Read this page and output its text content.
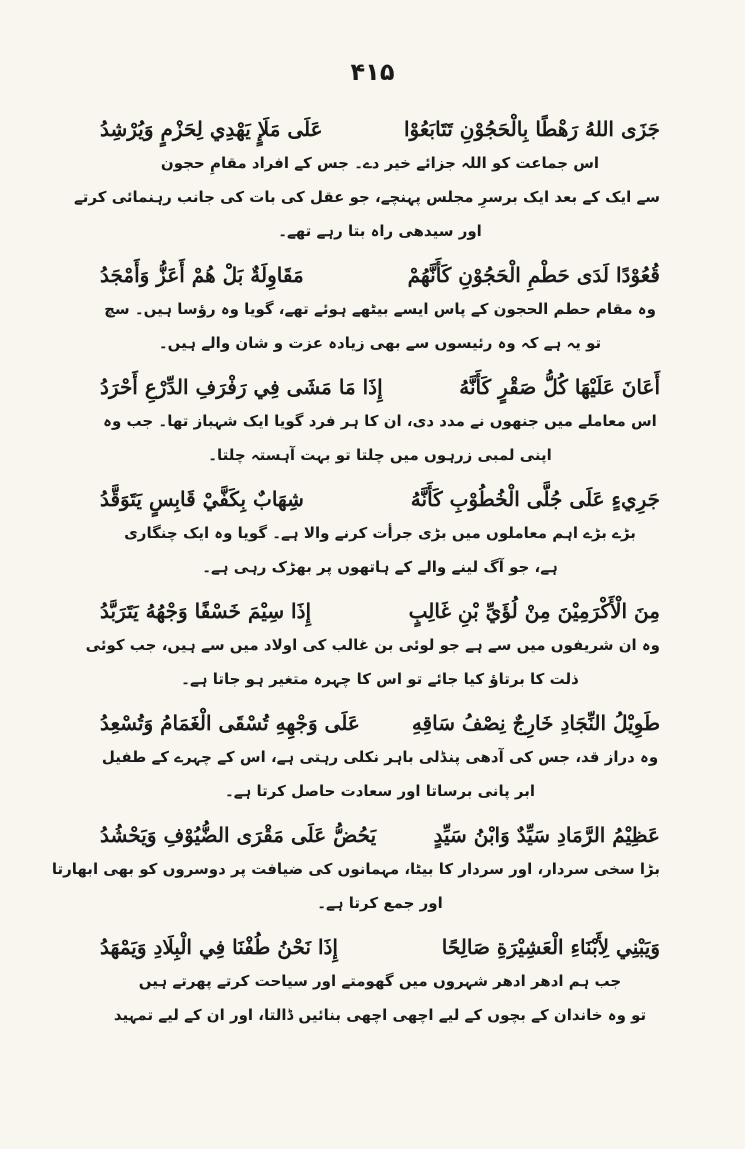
۴۱۵
جَزَى اللهُ رَهْطًا بِالْحَجُوْنِ تَتَابَعُوْا
عَلَى مَلَإٍ يَهْدِي لِحَزْمٍ وَيُرْشِدُ
اس جماعت کو اللہ جزائے خیر دے۔ جس کے افراد مقامِ حجون
سے ایک کے بعد ایک برسرِ مجلس پہنچے، جو عقل کی بات کی جانب رہنمائی کرتے
اور سیدھی راہ بتا رہے تھے۔
قُعُوْدًا لَدَى حَطْمِ الْحَجُوْنِ كَأَنَّهُمْ
مَقَاوِلَةٌ بَلْ هُمْ أَعَزُّ وَأَمْجَدُ
وہ مقام حطم الحجون کے پاس ایسے بیٹھے ہوئے تھے، گویا وہ رؤسا ہیں۔ سچ
تو یہ ہے کہ وہ رئیسوں سے بھی زیادہ عزت و شان والے ہیں۔
أَعَانَ عَلَيْهَا كُلُّ صَقْرٍ كَأَنَّهُ
إِذَا مَا مَشَى فِي رَفْرَفِ الدِّرْعِ أَحْرَدُ
اس معاملے میں جنھوں نے مدد دی، ان کا ہر فرد گویا ایک شہباز تھا۔ جب وہ
اپنی لمبی زرہوں میں چلتا تو بہت آہستہ چلتا۔
جَرِيءٍ عَلَى جُلَّى الْخُطُوْبِ كَأَنَّهُ
شِهَابٌ بِكَفَّيْ قَابِسٍ يَتَوَقَّدُ
بڑے بڑے اہم معاملوں میں بڑی جرأت کرنے والا ہے۔ گویا وہ ایک چنگاری
ہے، جو آگ لینے والے کے ہاتھوں پر بھڑک رہی ہے۔
مِنَ الْأَكْرَمِيْنَ مِنْ لُؤَيِّ بْنِ غَالِبٍ
إِذَا سِيْمَ خَسْفًا وَجْهُهُ يَتَرَبَّدُ
وہ ان شریفوں میں سے ہے جو لوئی بن غالب کی اولاد میں سے ہیں، جب کوئی
ذلت کا برتاؤ کیا جائے تو اس کا چہرہ متغیر ہو جاتا ہے۔
طَوِيْلُ النِّجَادِ خَارِجٌ نِصْفُ سَاقِهِ
عَلَى وَجْهِهِ تُسْقَى الْغَمَامُ وَتُسْعِدُ
وہ دراز قد، جس کی آدھی پنڈلی باہر نکلی رہتی ہے، اس کے چہرے کے طفیل
ابر پانی برساتا اور سعادت حاصل کرتا ہے۔
عَظِيْمُ الرَّمَادِ سَيِّدٌ وَابْنُ سَيِّدٍ
يَحُضُّ عَلَى مَقْرَى الضُّيُوْفِ وَيَحْشُدُ
بڑا سخی سردار، اور سردار کا بیٹا، مہمانوں کی ضیافت پر دوسروں کو بھی ابھارتا
اور جمع کرتا ہے۔
وَيَبْنِي لِأَبْنَاءِ الْعَشِيْرَةِ صَالِحًا
إِذَا نَحْنُ طُفْنَا فِي الْبِلَادِ وَيَمْهَدُ
جب ہم ادھر ادھر شہروں میں گھومتے اور سیاحت کرتے پھرتے ہیں
تو وہ خاندان کے بچوں کے لیے اچھی اچھی بنائیں ڈالتا، اور ان کے لیے تمہید
